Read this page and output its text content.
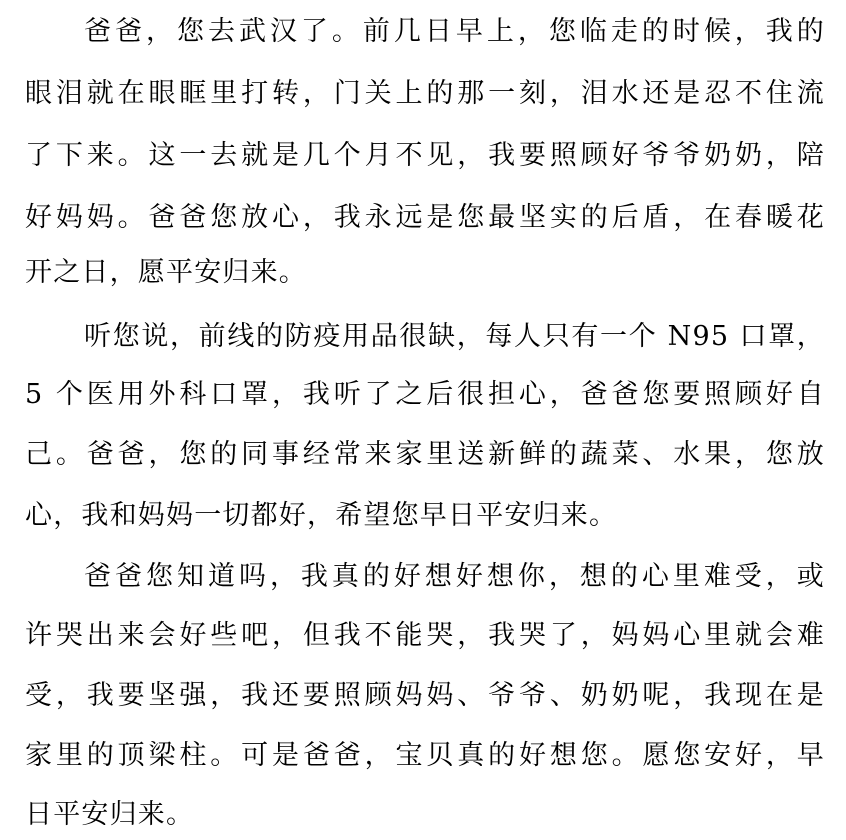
爸爸，您去武汉了。前几日早上，您临走的时候，我的
眼泪就在眼眶里打转，门关上的那一刻，泪水还是忍不住流
了下来。这一去就是几个月不见，我要照顾好爷爷奶奶，陪
好妈妈。爸爸您放心，我永远是您最坚实的后盾，在春暖花
开之日，愿平安归来。
听您说，前线的防疫用品很缺，每人只有一个 N95 口罩，
5 个医用外科口罩，我听了之后很担心，爸爸您要照顾好自
己。爸爸，您的同事经常来家里送新鲜的蔬菜、水果，您放
心，我和妈妈一切都好，希望您早日平安归来。
爸爸您知道吗，我真的好想好想你，想的心里难受，或
许哭出来会好些吧，但我不能哭，我哭了，妈妈心里就会难
受，我要坚强，我还要照顾妈妈、爷爷、奶奶呢，我现在是
家里的顶梁柱。可是爸爸，宝贝真的好想您。愿您安好，早
日平安归来。
